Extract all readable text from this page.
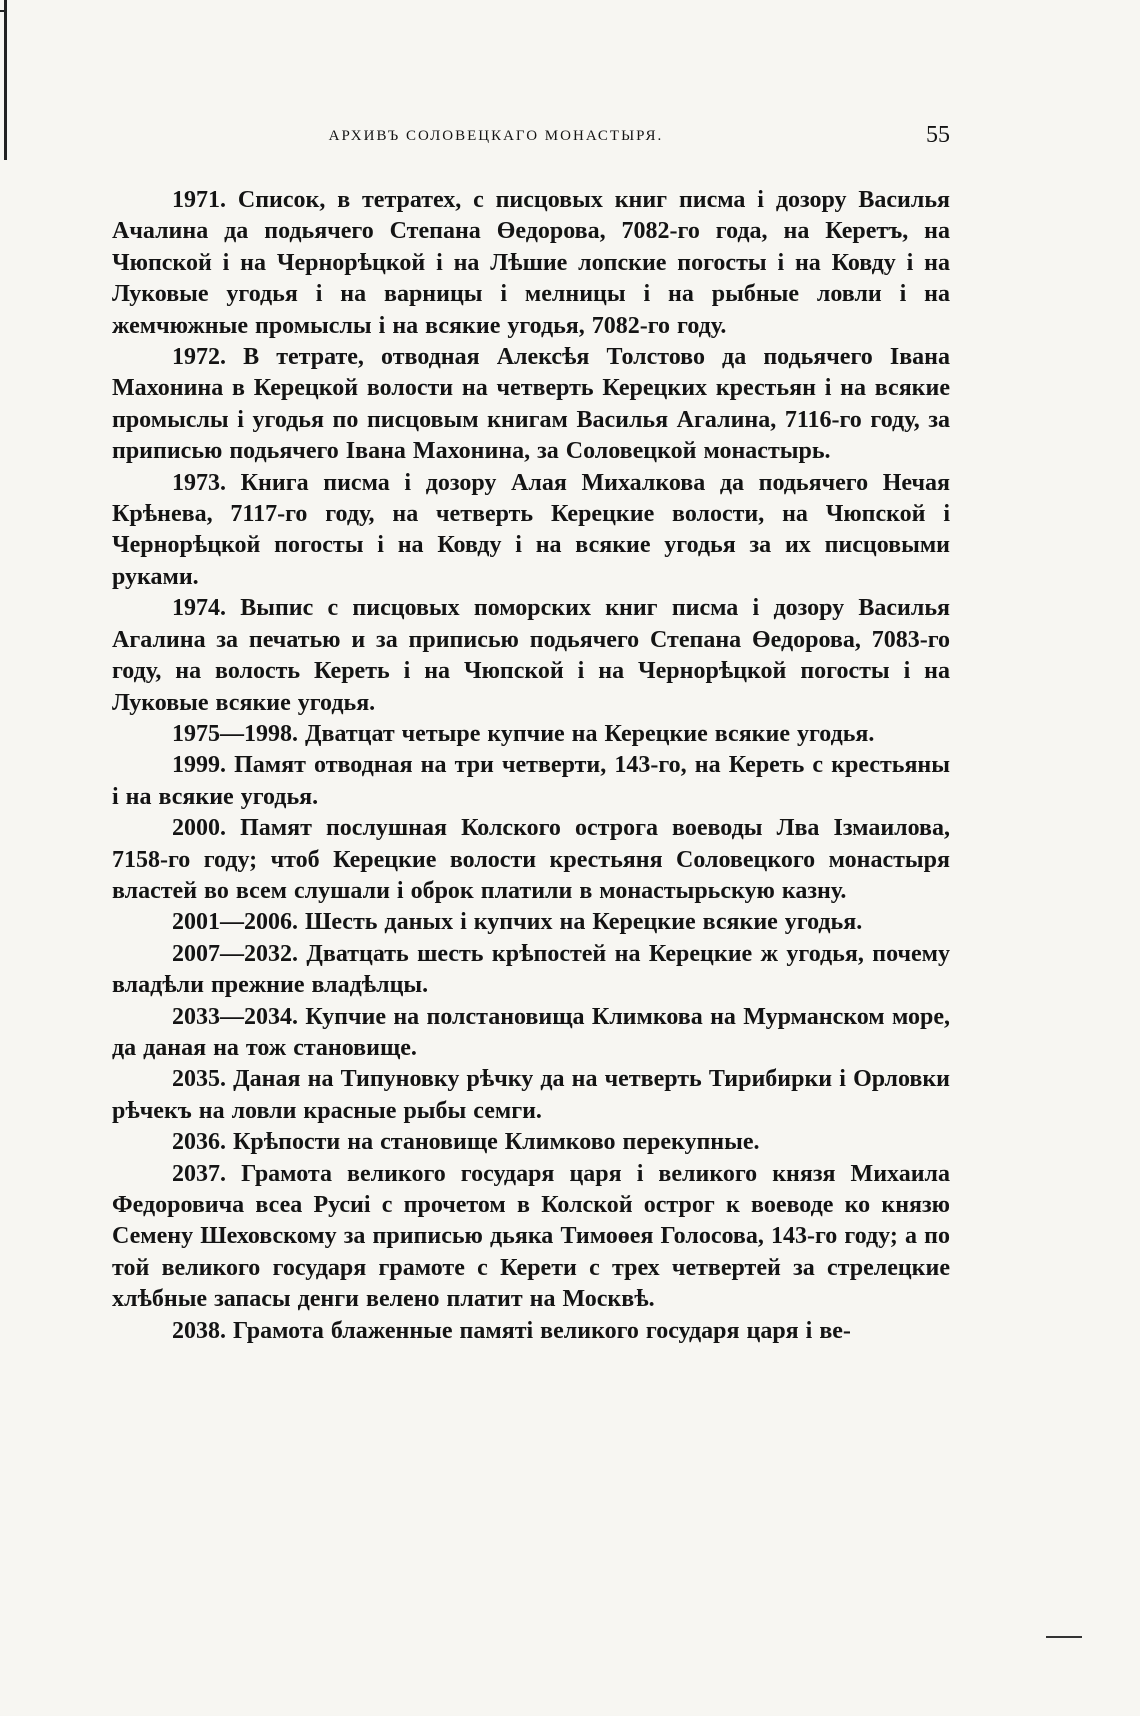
АРХИВЪ СОЛОВЕЦКАГО МОНАСТЫРЯ.	55

1971. Список, в тетратех, с писцовых книг писма і дозору Василья Ачалина да подьячего Степана Өедорова, 7082-го года, на Керетъ, на Чюпской і на Чернорѣцкой і на Лѣшие лопские погосты і на Ковду і на Луковые угодья і на варницы і мелницы і на рыбные ловли і на жемчюжные промыслы і на всякие угодья, 7082-го году.

1972. В тетрате, отводная Алексѣя Толстово да подьячего Івана Махонина в Керецкой волости на четверть Керецких крестьян і на всякие промыслы і угодья по писцовым книгам Василья Агалина, 7116-го году, за приписью подьячего Івана Махонина, за Соловецкой монастырь.

1973. Книга писма і дозору Алая Михалкова да подьячего Нечая Крѣнева, 7117-го году, на четверть Керецкие волости, на Чюпской і Чернорѣцкой погосты і на Ковду і на всякие угодья за их писцовыми руками.

1974. Выпис с писцовых поморских книг писма і дозору Василья Агалина за печатью и за приписью подьячего Степана Өедорова, 7083-го году, на волость Кереть і на Чюпской і на Чернорѣцкой погосты і на Луковые всякие угодья.

1975—1998. Дватцат четыре купчие на Керецкие всякие угодья.

1999. Памят отводная на три четверти, 143-го, на Кереть с крестьяны і на всякие угодья.

2000. Памят послушная Колского острога воеводы Лва Ізмаилова, 7158-го году; чтоб Керецкие волости крестьяня Соловецкого монастыря властей во всем слушали і оброк платили в монастырьскую казну.

2001—2006. Шесть даных і купчих на Керецкие всякие угодья.

2007—2032. Дватцать шесть крѣпостей на Керецкие ж угодья, почему владѣли прежние владѣлцы.

2033—2034. Купчие на полстановища Климкова на Мурманском море, да даная на тож становище.

2035. Даная на Типуновку рѣчку да на четверть Тирибирки і Орловки рѣчекъ на ловли красные рыбы семги.

2036. Крѣпости на становище Климково перекупные.

2037. Грамота великого государя царя і великого князя Михаила Федоровича всеа Русиі с прочетом в Колской острог к воеводе ко князю Семену Шеховскому за приписью дьяка Тимоөея Голосова, 143-го году; а по той великого государя грамоте с Керети с трех четвертей за стрелецкие хлѣбные запасы денги велено платит на Москвѣ.

2038. Грамота блаженные памяті великого государя царя і ве-
